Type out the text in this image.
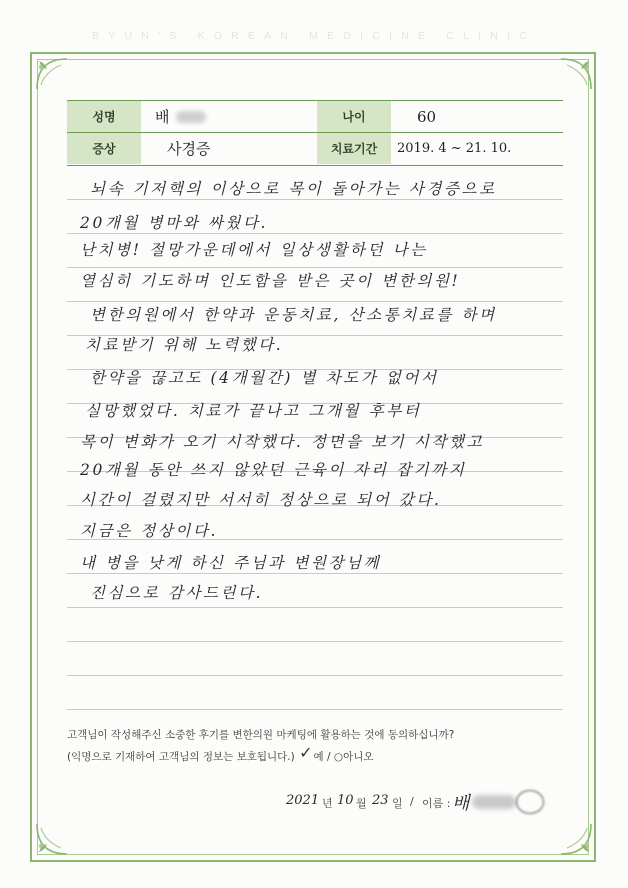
BYUN'S KOREAN MEDICINE CLINIC
성명	배	나이	60
증상	사경증	치료기간	2019. 4 ~ 21. 10.
뇌속 기저핵의 이상으로 목이 돌아가는 사경증으로
20개월 병마와 싸웠다.
난치병! 절망가운데에서 일상생활하던 나는
열심히 기도하며 인도함을 받은 곳이 변한의원!
변한의원에서 한약과 운동치료, 산소통치료를 하며
치료받기 위해 노력했다.
한약을 끊고도 (4개월간) 별 차도가 없어서
실망했었다. 치료가 끝나고 그개월 후부터
목이 변화가 오기 시작했다. 정면을 보기 시작했고
20개월 동안 쓰지 않았던 근육이 자리 잡기까지
시간이 걸렸지만 서서히 정상으로 되어 갔다.
지금은 정상이다.
내 병을 낫게 하신 주님과 변원장님께
진심으로 감사드린다.
고객님이 작성해주신 소중한 후기를 변한의원 마케팅에 활용하는 것에 동의하십니까?
(익명으로 기재하여 고객님의 정보는 보호됩니다.) ✓예 / ○아니오
2021 년 10 월 23 일 / 이름 : 배
